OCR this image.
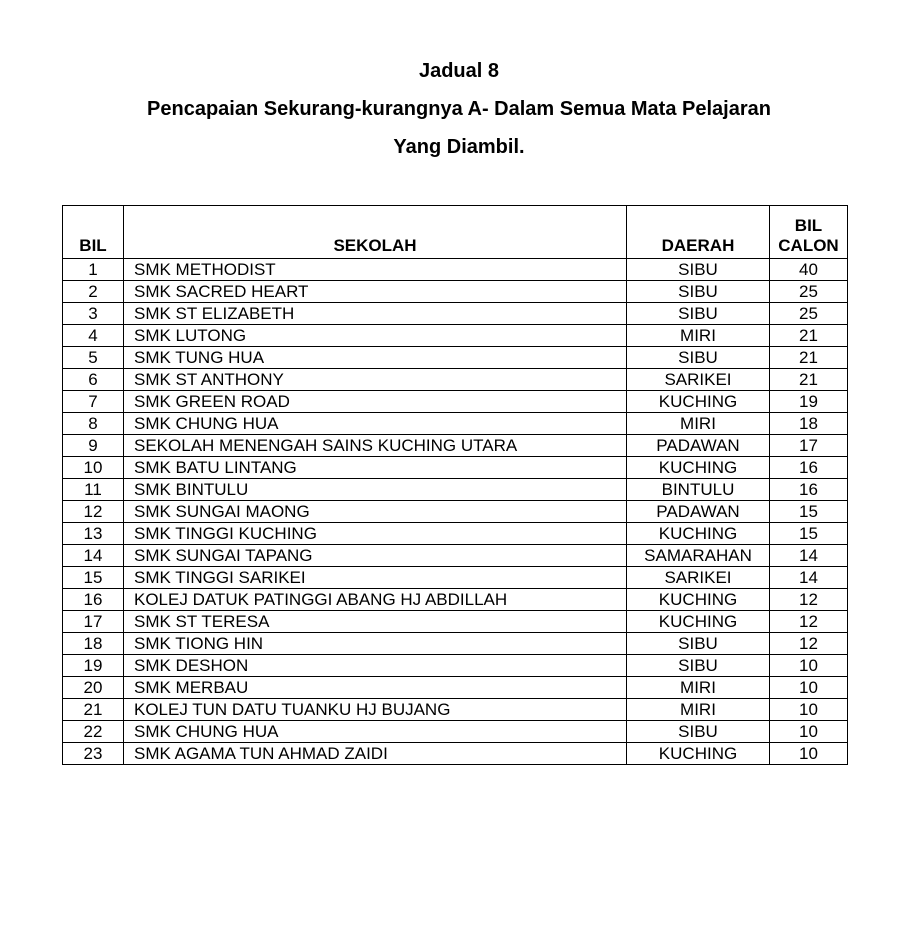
Jadual 8
Pencapaian Sekurang-kurangnya A- Dalam Semua Mata Pelajaran
Yang Diambil.
BIL	SEKOLAH	DAERAH	BIL
CALON
1	SMK METHODIST	SIBU	40
2	SMK SACRED HEART	SIBU	25
3	SMK ST ELIZABETH	SIBU	25
4	SMK LUTONG	MIRI	21
5	SMK TUNG HUA	SIBU	21
6	SMK ST ANTHONY	SARIKEI	21
7	SMK GREEN ROAD	KUCHING	19
8	SMK CHUNG HUA	MIRI	18
9	SEKOLAH MENENGAH SAINS KUCHING UTARA	PADAWAN	17
10	SMK BATU LINTANG	KUCHING	16
11	SMK BINTULU	BINTULU	16
12	SMK SUNGAI MAONG	PADAWAN	15
13	SMK TINGGI KUCHING	KUCHING	15
14	SMK SUNGAI TAPANG	SAMARAHAN	14
15	SMK TINGGI SARIKEI	SARIKEI	14
16	KOLEJ DATUK PATINGGI ABANG HJ ABDILLAH	KUCHING	12
17	SMK ST TERESA	KUCHING	12
18	SMK TIONG HIN	SIBU	12
19	SMK DESHON	SIBU	10
20	SMK MERBAU	MIRI	10
21	KOLEJ TUN DATU TUANKU HJ BUJANG	MIRI	10
22	SMK CHUNG HUA	SIBU	10
23	SMK AGAMA TUN AHMAD ZAIDI	KUCHING	10
